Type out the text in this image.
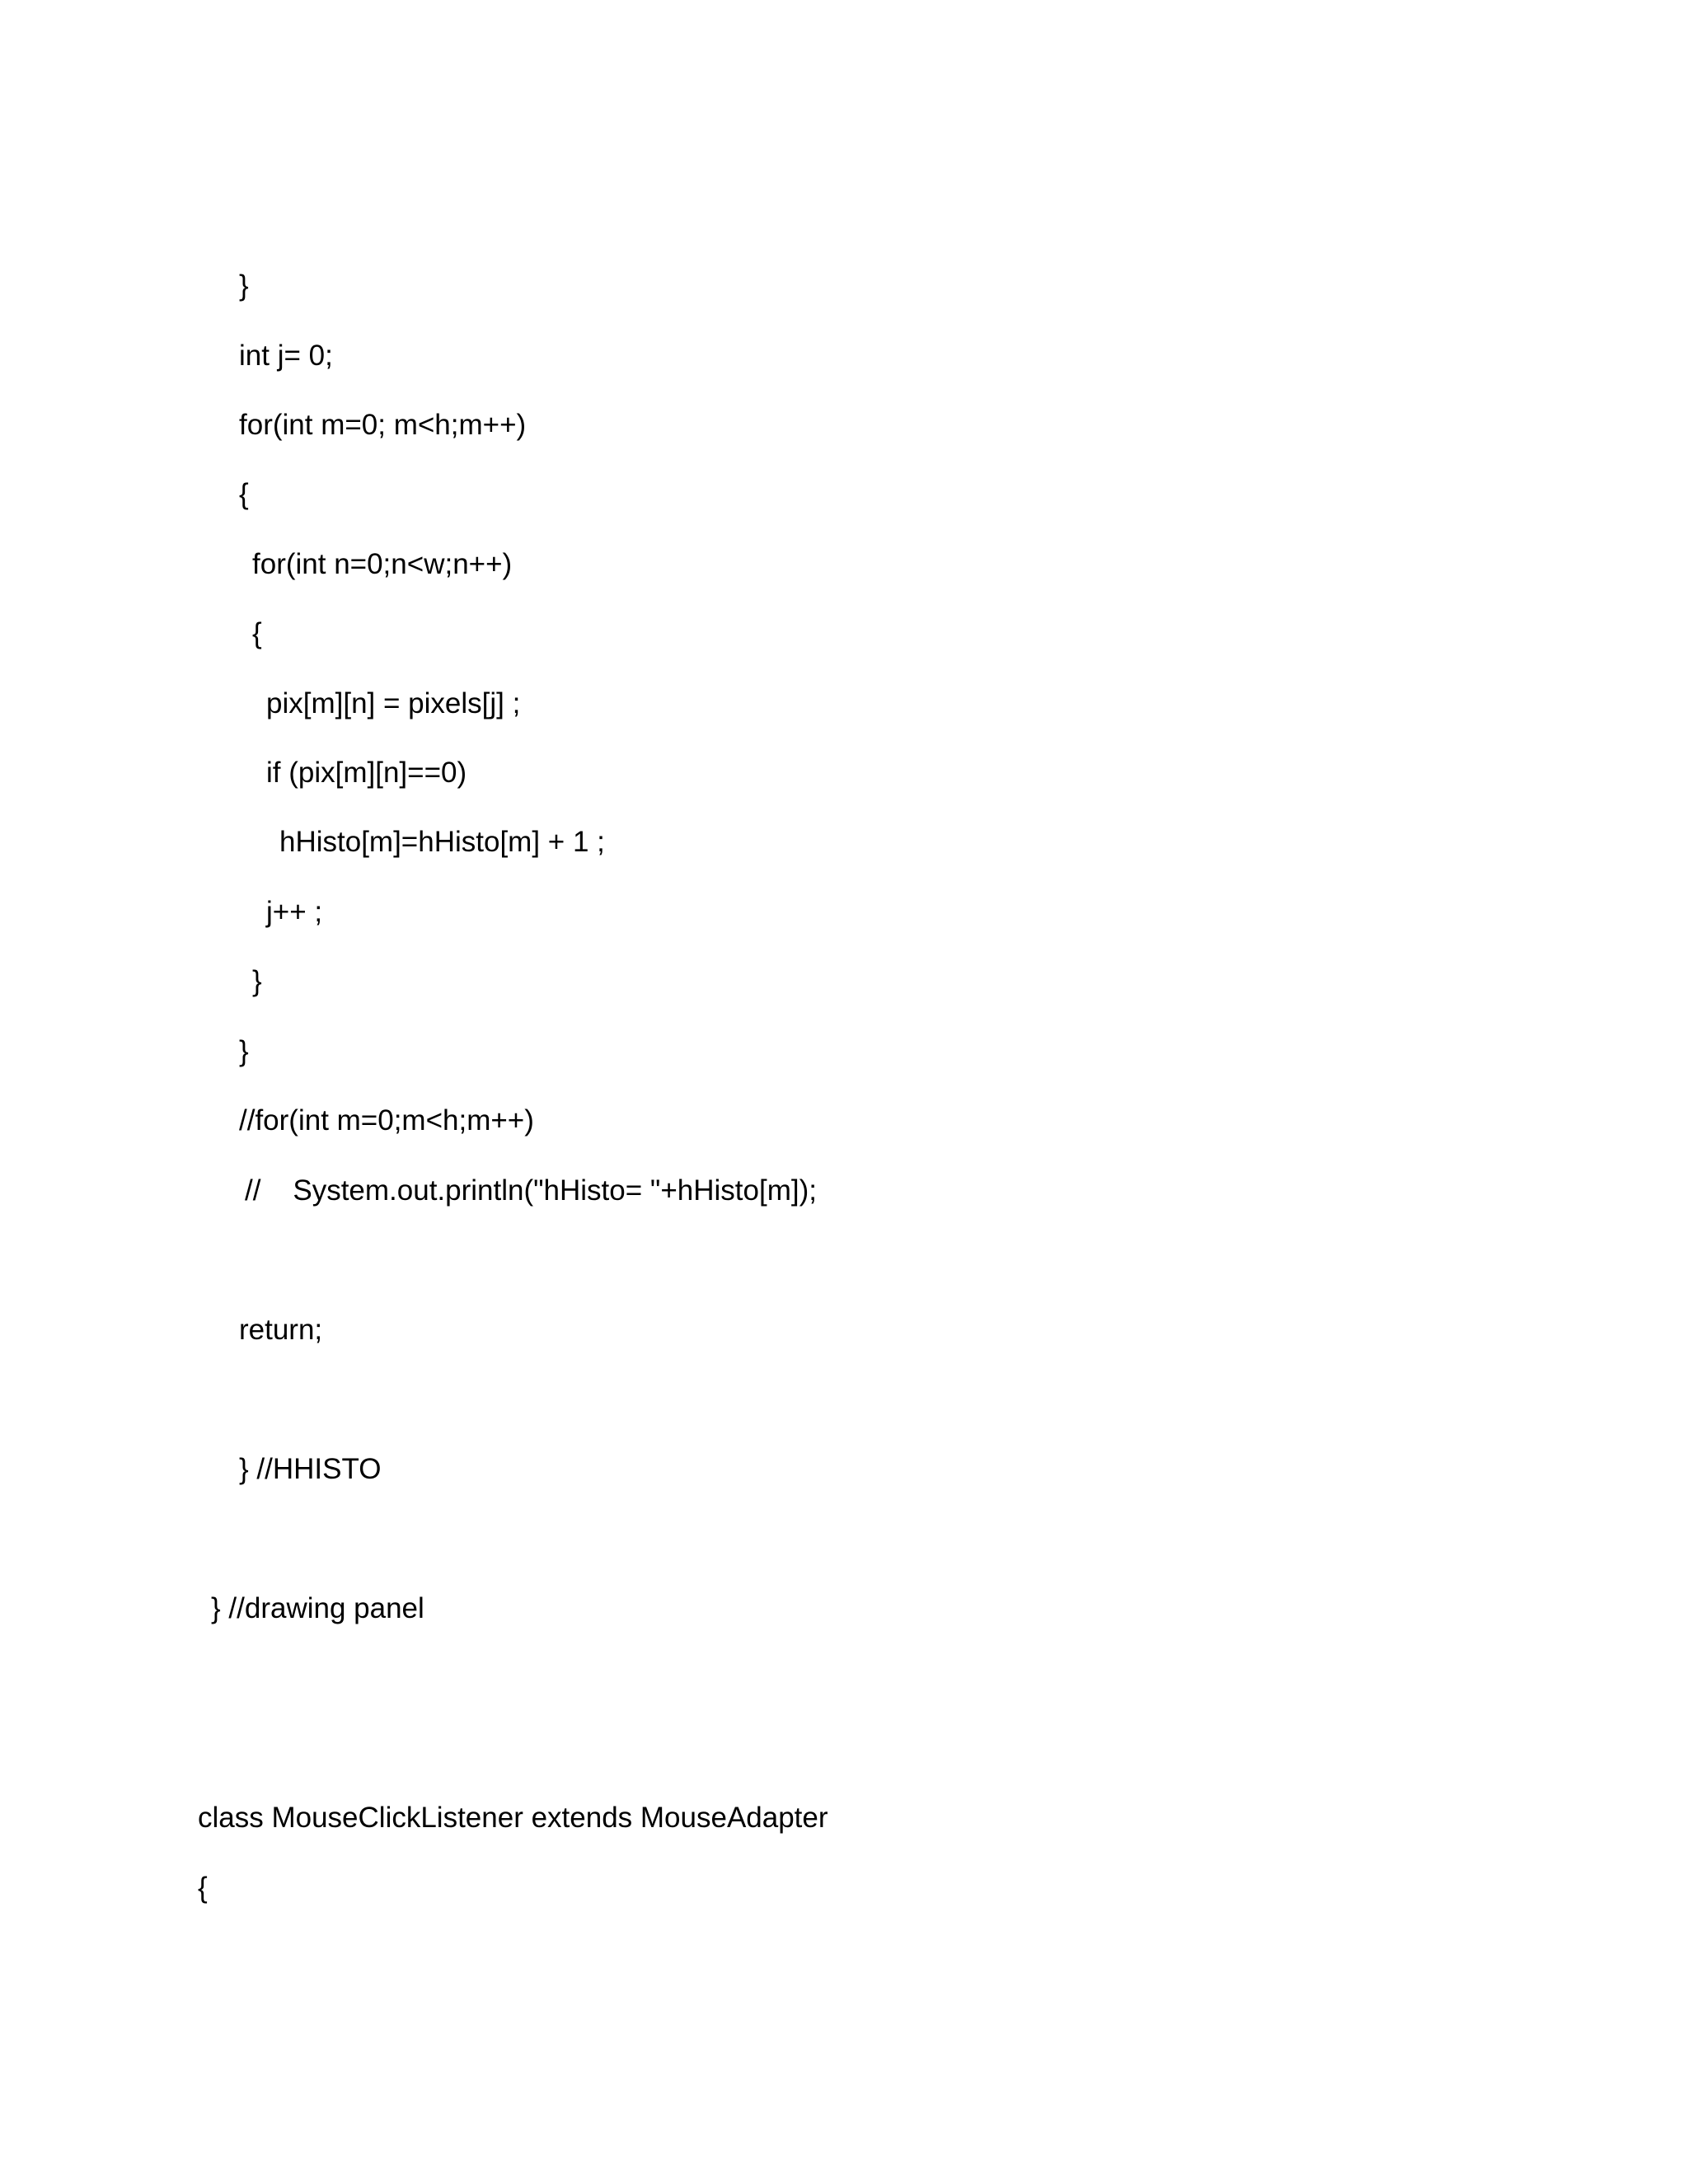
}
int j= 0;
for(int m=0; m<h;m++)
{
for(int n=0;n<w;n++)
{
pix[m][n] = pixels[j] ;
if (pix[m][n]==0)
hHisto[m]=hHisto[m] + 1 ;
j++ ;
}
}
//for(int m=0;m<h;m++)
//    System.out.println("hHisto= "+hHisto[m]);
return;
} //HHISTO
} //drawing panel
class MouseClickListener extends MouseAdapter
{
